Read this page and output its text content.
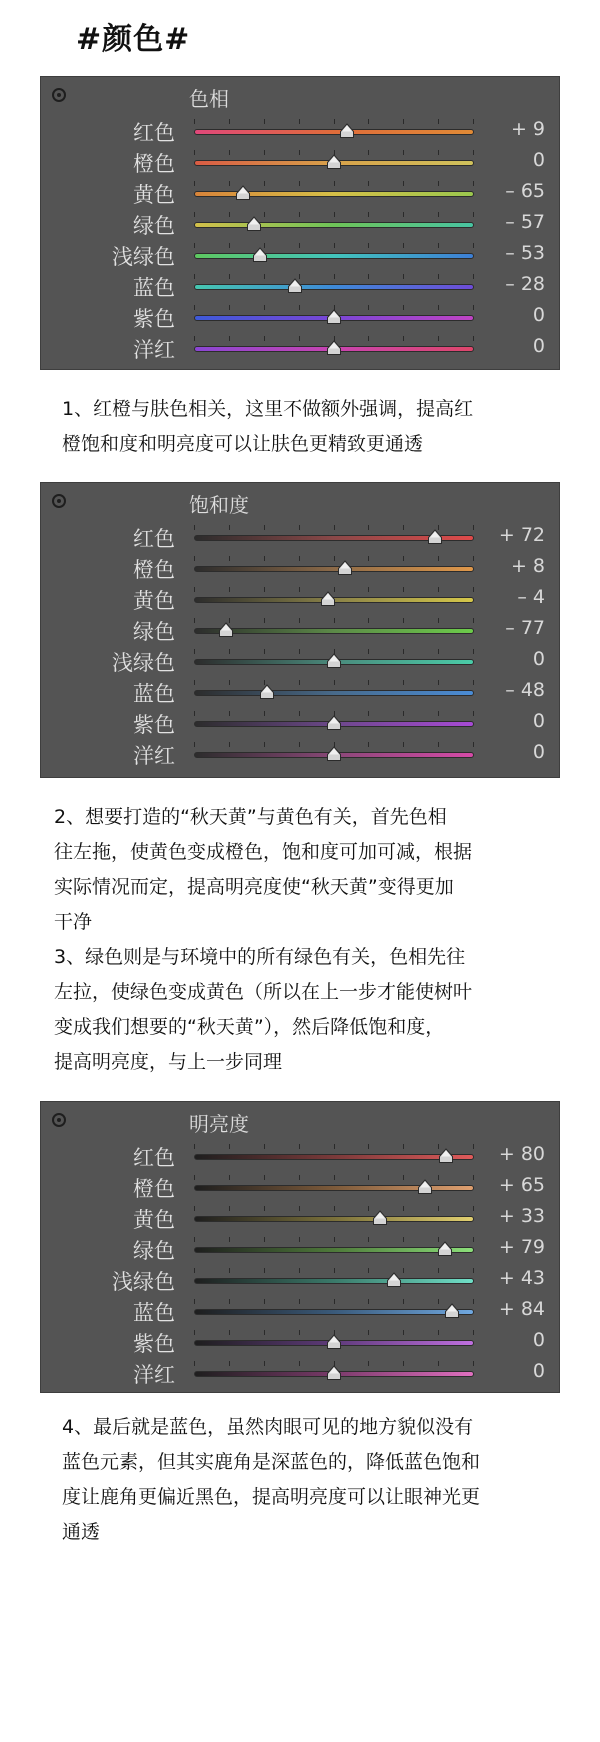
#颜色#
色相
红色	+ 9
橙色	0
黄色	– 65
绿色	– 57
浅绿色	– 53
蓝色	– 28
紫色	0
洋红	0
1、红橙与肤色相关，这里不做额外强调，提高红
橙饱和度和明亮度可以让肤色更精致更通透
饱和度
红色	+ 72
橙色	+ 8
黄色	– 4
绿色	– 77
浅绿色	0
蓝色	– 48
紫色	0
洋红	0
2、想要打造的“秋天黄”与黄色有关，首先色相
往左拖，使黄色变成橙色，饱和度可加可减，根据
实际情况而定，提高明亮度使“秋天黄”变得更加
干净
3、绿色则是与环境中的所有绿色有关，色相先往
左拉，使绿色变成黄色（所以在上一步才能使树叶
变成我们想要的“秋天黄”），然后降低饱和度，
提高明亮度，与上一步同理
明亮度
红色	+ 80
橙色	+ 65
黄色	+ 33
绿色	+ 79
浅绿色	+ 43
蓝色	+ 84
紫色	0
洋红	0
4、最后就是蓝色，虽然肉眼可见的地方貌似没有
蓝色元素，但其实鹿角是深蓝色的，降低蓝色饱和
度让鹿角更偏近黑色，提高明亮度可以让眼神光更
通透
